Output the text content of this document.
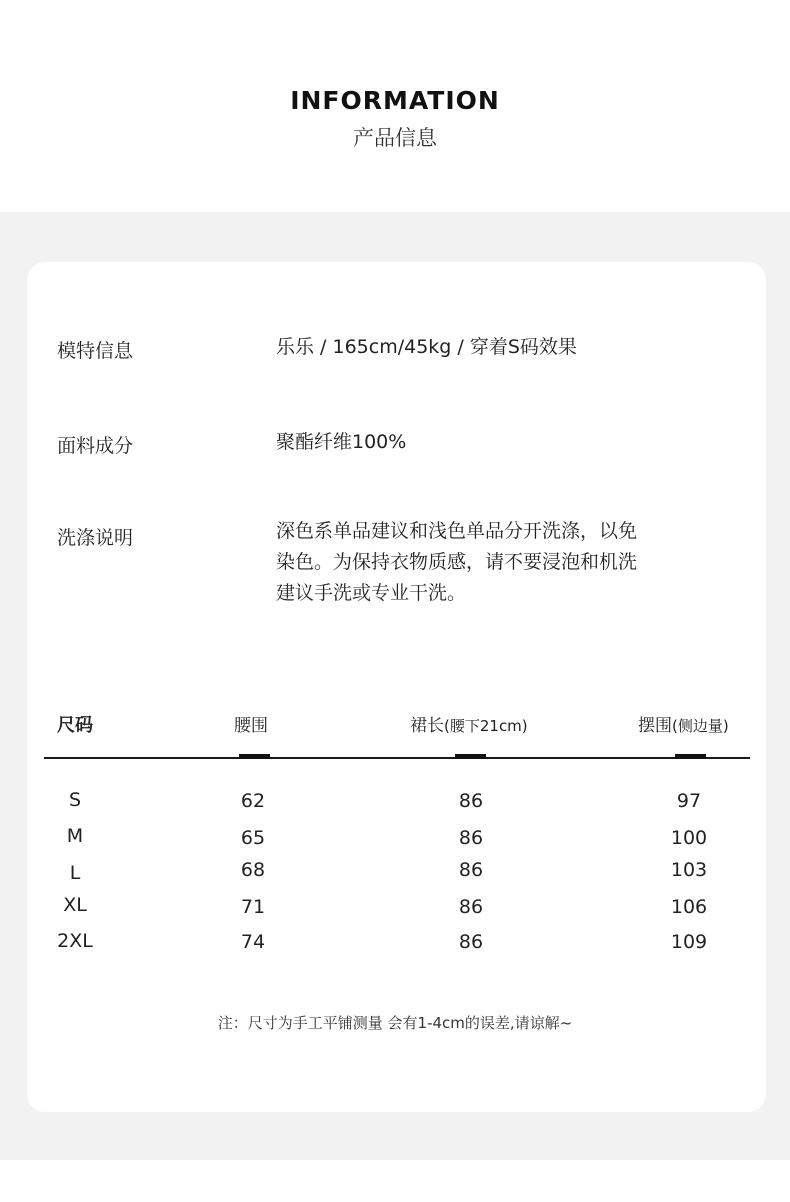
INFORMATION
产品信息
模特信息	乐乐 / 165cm/45kg / 穿着S码效果
面料成分	聚酯纤维100%
洗涤说明	深色系单品建议和浅色单品分开洗涤，以免
染色。为保持衣物质感，请不要浸泡和机洗
建议手洗或专业干洗。
尺码	腰围	裙长(腰下21cm)	摆围(侧边量)
S	62	86	97
M	65	86	100
L	68	86	103
XL	71	86	106
2XL	74	86	109
注：尺寸为手工平铺测量 会有1-4cm的误差,请谅解~
